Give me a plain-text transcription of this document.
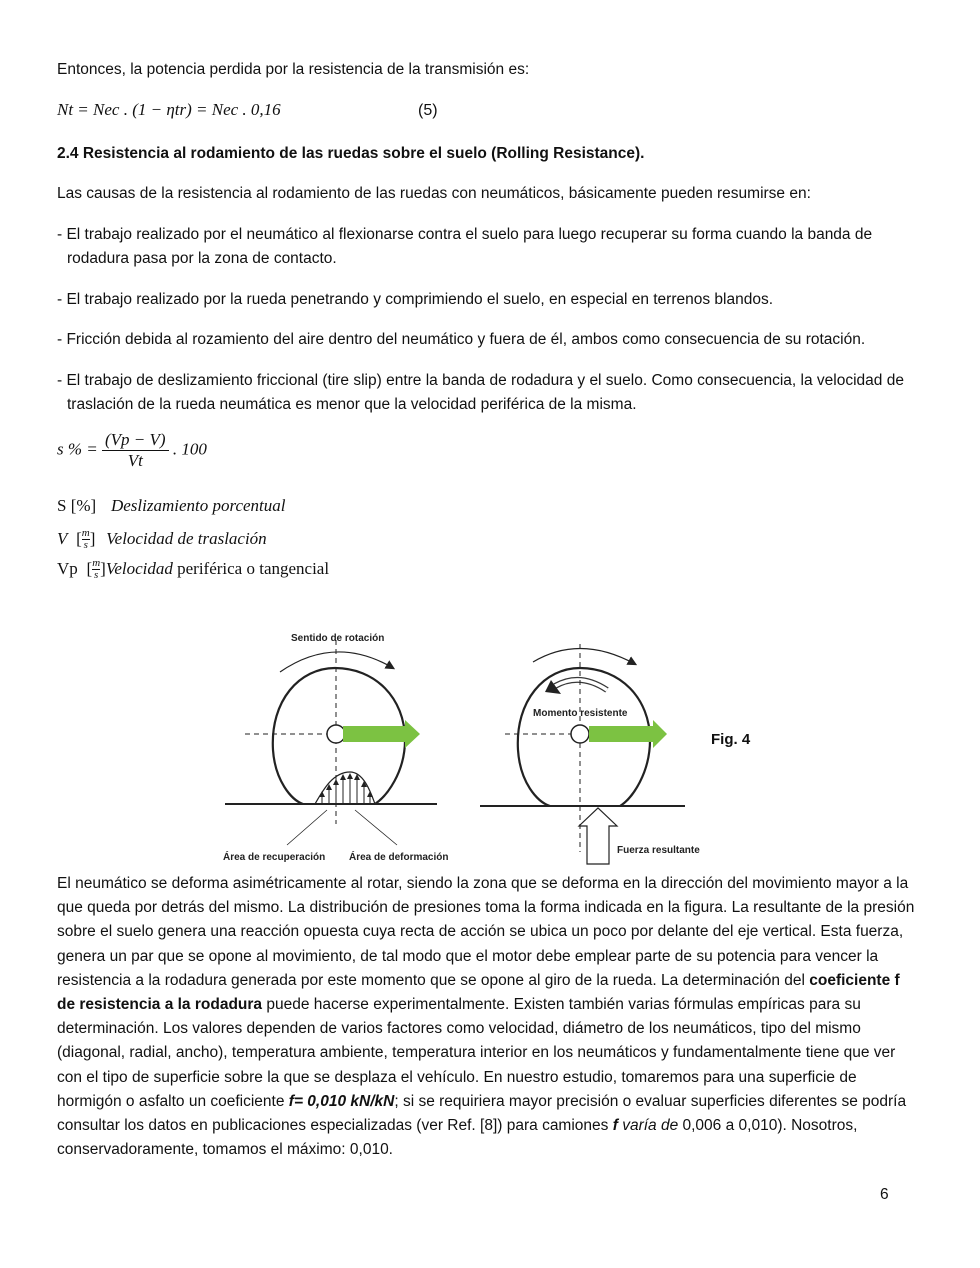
Entonces, la potencia perdida por la resistencia de la transmisión es:

Nt = Nec . (1 − ηtr) = Nec . 0,16	(5)

2.4 Resistencia al rodamiento de las ruedas sobre el suelo (Rolling Resistance).

Las causas de la resistencia al rodamiento de las ruedas con neumáticos, básicamente pueden resumirse en:

- El trabajo realizado por el neumático al flexionarse contra el suelo para luego recuperar su forma cuando la banda de rodadura pasa por la zona de contacto.

- El trabajo realizado por la rueda penetrando y comprimiendo el suelo, en especial en terrenos blandos.

- Fricción debida al rozamiento del aire dentro del neumático y fuera de él, ambos como consecuencia de su rotación.

- El trabajo de deslizamiento friccional (tire slip) entre la banda de rodadura y el suelo. Como consecuencia, la velocidad de traslación de la rueda neumática es menor que la velocidad periférica de la misma.

s % = $\frac{(Vp - V)}{Vt}$ . 100
S [%] Deslizamiento porcentual
V [ $\frac{m}{s}$ ] Velocidad de traslación
Vp [ $\frac{m}{s}$ ]Velocidad periférica o tangencial
Sentido de rotación
Área de recuperación Área de deformación
Momento resistente
Fuerza resultante
Fig. 4

El neumático se deforma asimétricamente al rotar, siendo la zona que se deforma en la dirección del movimiento mayor a la que queda por detrás del mismo. La distribución de presiones toma la forma indicada en la figura. La resultante de la presión sobre el suelo genera una reacción opuesta cuya recta de acción se ubica un poco por delante del eje vertical. Esta fuerza, genera un par que se opone al movimiento, de tal modo que el motor debe emplear parte de su potencia para vencer la resistencia a la rodadura generada por este momento que se opone al giro de la rueda. La determinación del coeficiente f de resistencia a la rodadura puede hacerse experimentalmente. Existen también varias fórmulas empíricas para su determinación. Los valores dependen de varios factores como velocidad, diámetro de los neumáticos, tipo del mismo (diagonal, radial, ancho), temperatura ambiente, temperatura interior en los neumáticos y fundamentalmente tiene que ver con el tipo de superficie sobre la que se desplaza el vehículo. En nuestro estudio, tomaremos para una superficie de hormigón o asfalto un coeficiente f= 0,010 kN/kN; si se requiriera mayor precisión o evaluar superficies diferentes se podría consultar los datos en publicaciones especializadas (ver Ref. [8]) para camiones f varía de 0,006 a 0,010). Nosotros, conservadoramente, tomamos el máximo: 0,010.

6
